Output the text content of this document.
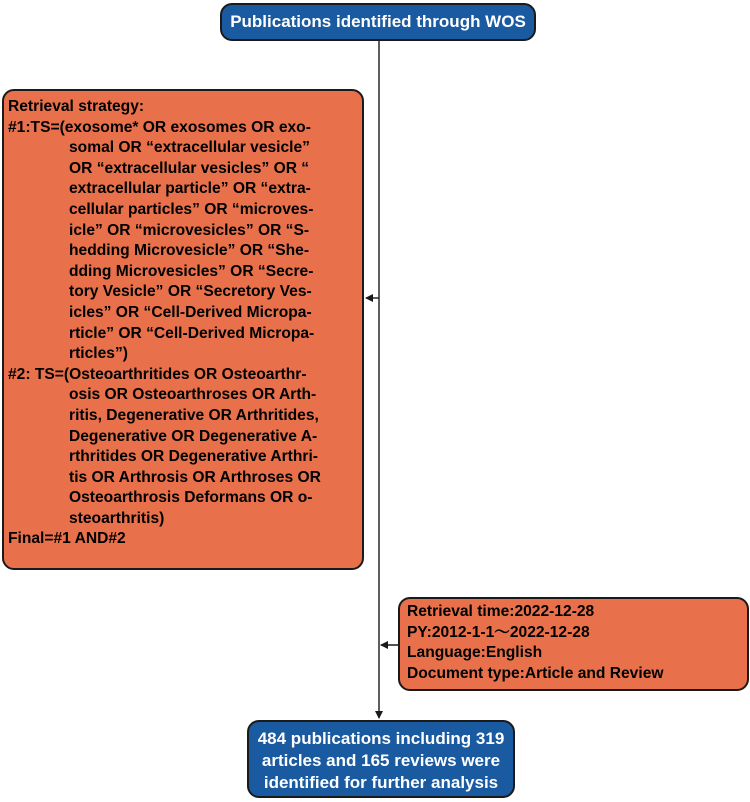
Publications identified through WOS
Retrieval strategy:
#1:TS=(exosome* OR exosomes OR exo-
somal OR “extracellular vesicle”
OR “extracellular vesicles” OR “
extracellular particle” OR “extra-
cellular particles” OR “microves-
icle” OR “microvesicles” OR “S-
hedding Microvesicle” OR “She-
dding Microvesicles” OR “Secre-
tory Vesicle” OR “Secretory Ves-
icles” OR “Cell-Derived Micropa-
rticle” OR “Cell-Derived Micropa-
rticles”)
#2: TS=(Osteoarthritides OR Osteoarthr-
osis OR Osteoarthroses OR Arth-
ritis, Degenerative OR Arthritides,
Degenerative OR Degenerative A-
rthritides OR Degenerative Arthri-
tis OR Arthrosis OR Arthroses OR
Osteoarthrosis Deformans OR o-
steoarthritis)
Final=#1 AND#2
Retrieval time:2022-12-28
PY:2012-1-1～2022-12-28
Language:English
Document type:Article and Review
484 publications including 319
articles and 165 reviews were
identified for further analysis
